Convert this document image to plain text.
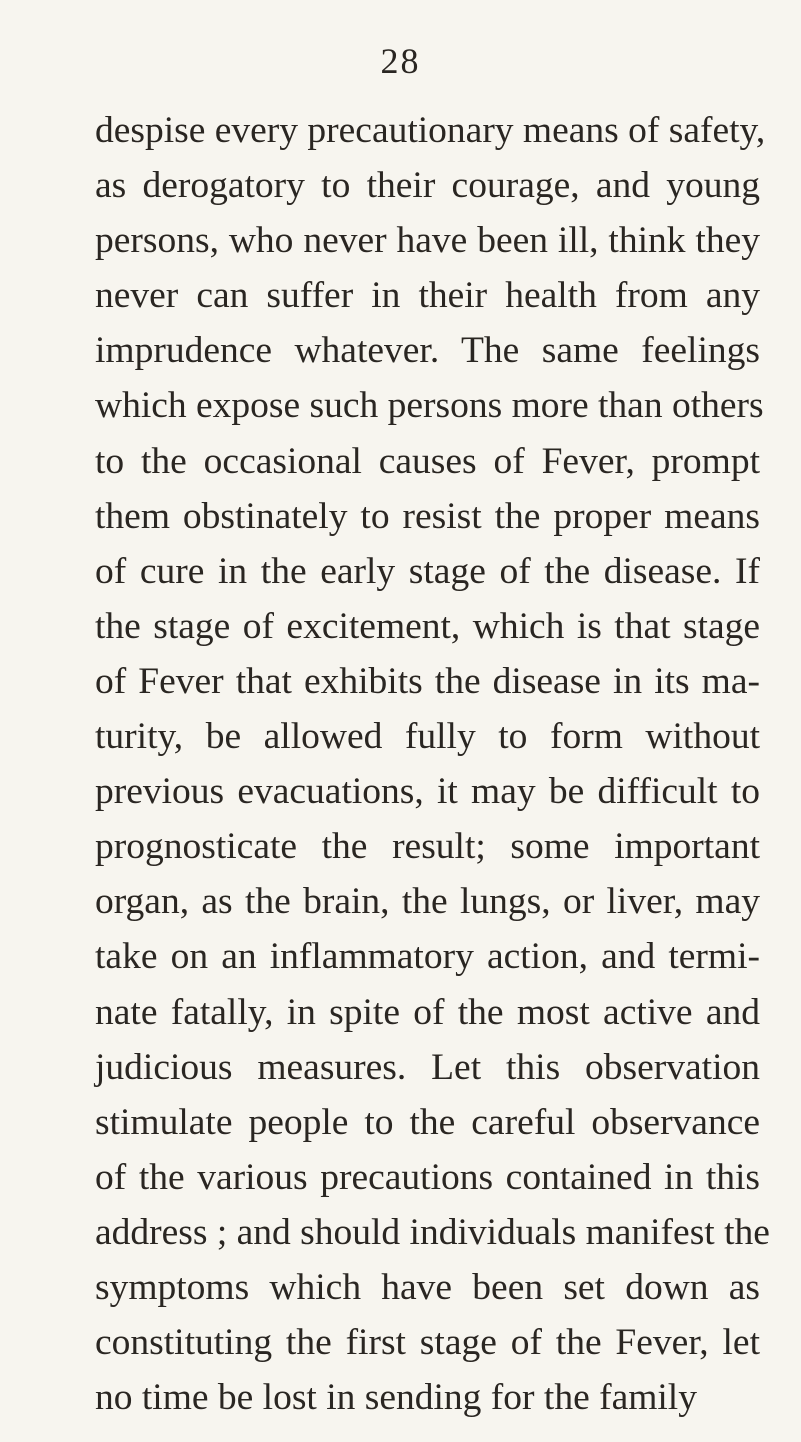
28
despise every precautionary means of safety,
as derogatory to their courage, and young
persons, who never have been ill, think they
never can suffer in their health from any
imprudence whatever. The same feelings
which expose such persons more than others
to the occasional causes of Fever, prompt
them obstinately to resist the proper means
of cure in the early stage of the disease. If
the stage of excitement, which is that stage
of Fever that exhibits the disease in its ma-
turity, be allowed fully to form without
previous evacuations, it may be difficult to
prognosticate the result; some important
organ, as the brain, the lungs, or liver, may
take on an inflammatory action, and termi-
nate fatally, in spite of the most active and
judicious measures. Let this observation
stimulate people to the careful observance
of the various precautions contained in this
address ; and should individuals manifest the
symptoms which have been set down as
constituting the first stage of the Fever, let
no time be lost in sending for the family
